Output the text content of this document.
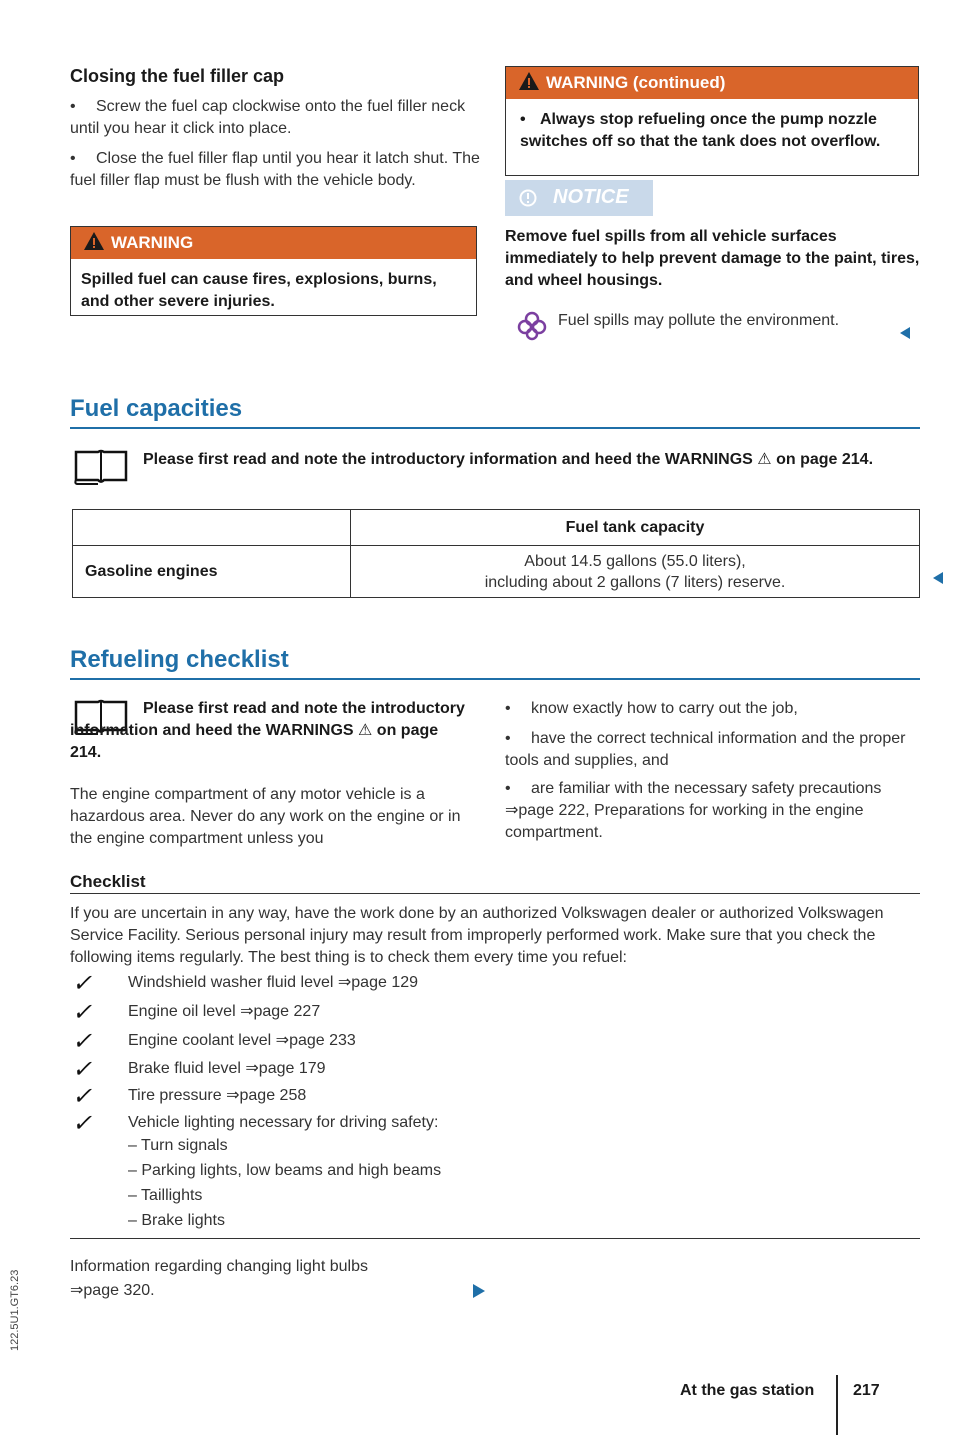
Closing the fuel filler cap
•	Screw the fuel cap clockwise onto the fuel filler neck until you hear it click into place.
•	Close the fuel filler flap until you hear it latch shut. The fuel filler flap must be flush with the vehicle body.
WARNING
Spilled fuel can cause fires, explosions, burns, and other severe injuries.
WARNING (continued)
• Always stop refueling once the pump nozzle switches off so that the tank does not overflow.
NOTICE
Remove fuel spills from all vehicle surfaces immediately to help prevent damage to the paint, tires, and wheel housings.
Fuel spills may pollute the environment.
Fuel capacities
Please first read and note the introductory information and heed the WARNINGS ⚠ on page 214.
	Fuel tank capacity
Gasoline engines	About 14.5 gallons (55.0 liters),
including about 2 gallons (7 liters) reserve.
Refueling checklist
Please first read and note the introductory information and heed the WARNINGS ⚠ on page 214.
The engine compartment of any motor vehicle is a hazardous area. Never do any work on the engine or in the engine compartment unless you
•	know exactly how to carry out the job,
•	have the correct technical information and the proper tools and supplies, and
•	are familiar with the necessary safety precautions ⇒page 222, Preparations for working in the engine compartment.
Checklist
If you are uncertain in any way, have the work done by an authorized Volkswagen dealer or authorized Volkswagen Service Facility. Serious personal injury may result from improperly performed work. Make sure that you check the following items regularly. The best thing is to check them every time you refuel:
✓ Windshield washer fluid level ⇒page 129
✓ Engine oil level ⇒page 227
✓ Engine coolant level ⇒page 233
✓ Brake fluid level ⇒page 179
✓ Tire pressure ⇒page 258
✓ Vehicle lighting necessary for driving safety:
– Turn signals
– Parking lights, low beams and high beams
– Taillights
– Brake lights
Information regarding changing light bulbs
⇒page 320.
At the gas station 217
122.5U1.GT6.23
